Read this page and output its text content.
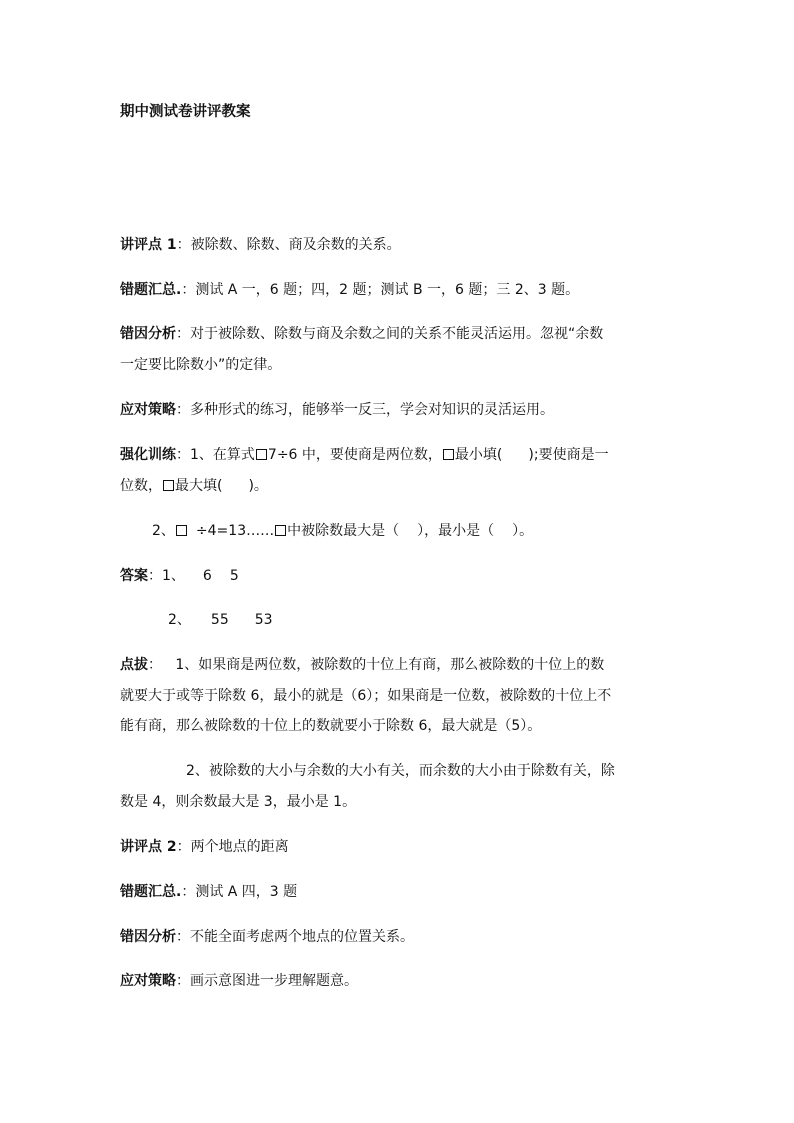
期中测试卷讲评教案
讲评点 1：被除数、除数、商及余数的关系。
错题汇总.：测试 A 一，6 题；四，2 题；测试 B 一，6 题；三 2、3 题。
错因分析：对于被除数、除数与商及余数之间的关系不能灵活运用。忽视“余数
一定要比除数小”的定律。
应对策略：多种形式的练习，能够举一反三，学会对知识的灵活运用。
强化训练：1、在算式 7÷6 中，要使商是两位数， 最小填( );要使商是一
位数， 最大填( )。
2、 ÷4=13…… 中被除数最大是（ ），最小是（ ）。
答案：1、 6 5
2、 55 53
点拔：   1、如果商是两位数，被除数的十位上有商，那么被除数的十位上的数
就要大于或等于除数 6，最小的就是（6）；如果商是一位数，被除数的十位上不
能有商，那么被除数的十位上的数就要小于除数 6，最大就是（5）。
2、被除数的大小与余数的大小有关，而余数的大小由于除数有关，除
数是 4，则余数最大是 3，最小是 1。
讲评点 2：两个地点的距离
错题汇总.：测试 A 四，3 题
错因分析：不能全面考虑两个地点的位置关系。
应对策略：画示意图进一步理解题意。
